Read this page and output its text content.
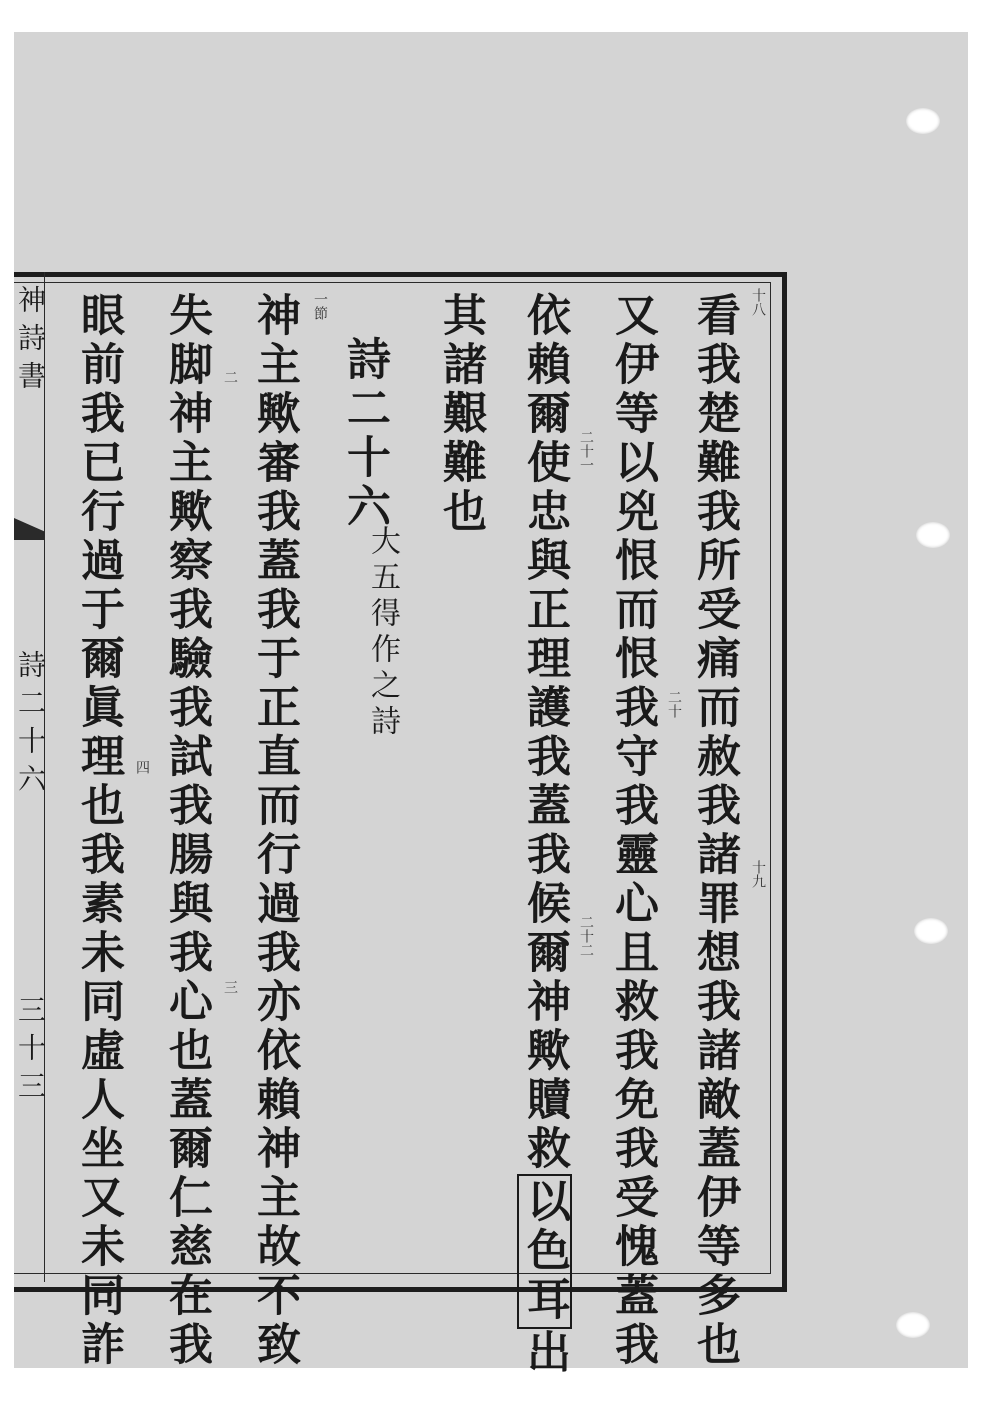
神詩書
詩二十六
三十三	看我楚難我所受痛而赦我諸罪想我諸敵蓋伊等多也
又伊等以兇恨而恨我守我靈心且救我免我受愧蓋我
依賴爾使忠與正理護我蓋我候爾神歟贖救以色耳出
其諸艱難也
詩二十六
大五得作之詩
神主歟審我蓋我于正直而行過我亦依賴神主故不致
失脚神主歟察我驗我試我腸與我心也蓋爾仁慈在我
眼前我已行過于爾眞理也我素未同虛人坐又未同詐	十八
十九
二十
二十一
二十二
一節
二
三
四
